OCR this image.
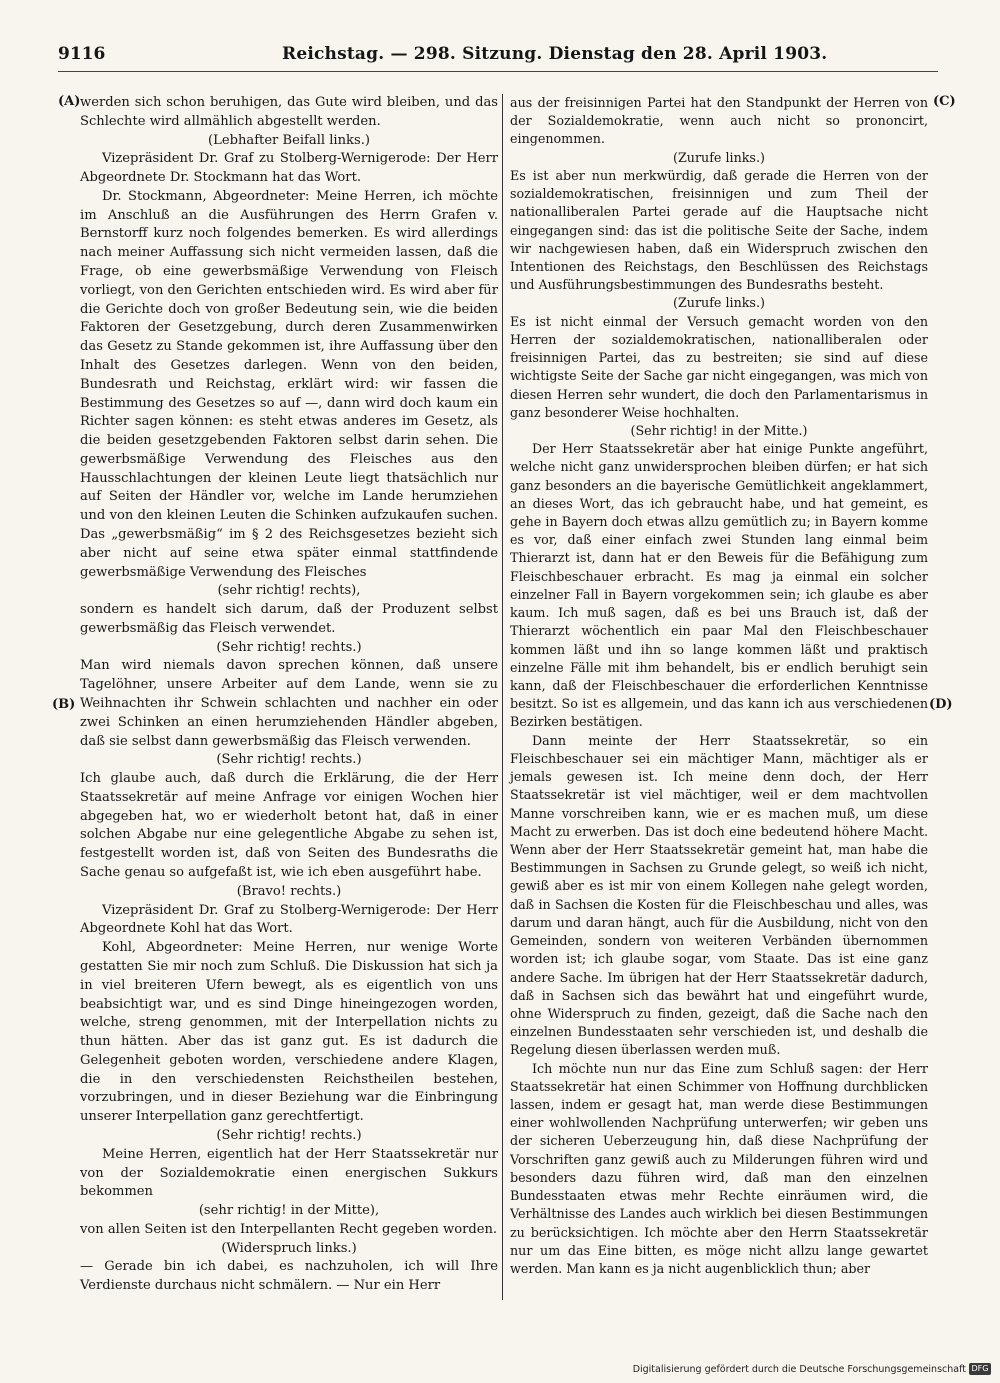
9116	Reichstag. — 298. Sitzung. Dienstag den 28. April 1903.
(A)
(B)
(C)
(D)

werden sich schon beruhigen, das Gute wird bleiben, und das Schlechte wird allmählich abgestellt werden.

(Lebhafter Beifall links.)

Vizepräsident Dr. Graf zu Stolberg-Wernigerode: Der Herr Abgeordnete Dr. Stockmann hat das Wort.

Dr. Stockmann, Abgeordneter: Meine Herren, ich möchte im Anschluß an die Ausführungen des Herrn Grafen v. Bernstorff kurz noch folgendes bemerken. Es wird allerdings nach meiner Auffassung sich nicht vermeiden lassen, daß die Frage, ob eine gewerbsmäßige Verwendung von Fleisch vorliegt, von den Gerichten entschieden wird. Es wird aber für die Gerichte doch von großer Bedeutung sein, wie die beiden Faktoren der Gesetzgebung, durch deren Zusammenwirken das Gesetz zu Stande gekommen ist, ihre Auffassung über den Inhalt des Gesetzes darlegen. Wenn von den beiden, Bundesrath und Reichstag, erklärt wird: wir fassen die Bestimmung des Gesetzes so auf —, dann wird doch kaum ein Richter sagen können: es steht etwas anderes im Gesetz, als die beiden gesetzgebenden Faktoren selbst darin sehen. Die gewerbsmäßige Verwendung des Fleisches aus den Hausschlachtungen der kleinen Leute liegt thatsächlich nur auf Seiten der Händler vor, welche im Lande herumziehen und von den kleinen Leuten die Schinken aufzukaufen suchen. Das „gewerbsmäßig“ im § 2 des Reichsgesetzes bezieht sich aber nicht auf seine etwa später einmal stattfindende gewerbsmäßige Verwendung des Fleisches

(sehr richtig! rechts),

sondern es handelt sich darum, daß der Produzent selbst gewerbsmäßig das Fleisch verwendet.

(Sehr richtig! rechts.)

Man wird niemals davon sprechen können, daß unsere Tagelöhner, unsere Arbeiter auf dem Lande, wenn sie zu Weihnachten ihr Schwein schlachten und nachher ein oder zwei Schinken an einen herumziehenden Händler abgeben, daß sie selbst dann gewerbsmäßig das Fleisch verwenden.

(Sehr richtig! rechts.)

Ich glaube auch, daß durch die Erklärung, die der Herr Staatssekretär auf meine Anfrage vor einigen Wochen hier abgegeben hat, wo er wiederholt betont hat, daß in einer solchen Abgabe nur eine gelegentliche Abgabe zu sehen ist, festgestellt worden ist, daß von Seiten des Bundesraths die Sache genau so aufgefaßt ist, wie ich eben ausgeführt habe.

(Bravo! rechts.)

Vizepräsident Dr. Graf zu Stolberg-Wernigerode: Der Herr Abgeordnete Kohl hat das Wort.

Kohl, Abgeordneter: Meine Herren, nur wenige Worte gestatten Sie mir noch zum Schluß. Die Diskussion hat sich ja in viel breiteren Ufern bewegt, als es eigentlich von uns beabsichtigt war, und es sind Dinge hineingezogen worden, welche, streng genommen, mit der Interpellation nichts zu thun hätten. Aber das ist ganz gut. Es ist dadurch die Gelegenheit geboten worden, verschiedene andere Klagen, die in den verschiedensten Reichstheilen bestehen, vorzubringen, und in dieser Beziehung war die Einbringung unserer Interpellation ganz gerechtfertigt.

(Sehr richtig! rechts.)

Meine Herren, eigentlich hat der Herr Staatssekretär nur von der Sozialdemokratie einen energischen Sukkurs bekommen

(sehr richtig! in der Mitte),

von allen Seiten ist den Interpellanten Recht gegeben worden.

(Widerspruch links.)

— Gerade bin ich dabei, es nachzuholen, ich will Ihre Verdienste durchaus nicht schmälern. — Nur ein Herr

aus der freisinnigen Partei hat den Standpunkt der Herren von der Sozialdemokratie, wenn auch nicht so prononcirt, eingenommen.

(Zurufe links.)

Es ist aber nun merkwürdig, daß gerade die Herren von der sozialdemokratischen, freisinnigen und zum Theil der nationalliberalen Partei gerade auf die Hauptsache nicht eingegangen sind: das ist die politische Seite der Sache, indem wir nachgewiesen haben, daß ein Widerspruch zwischen den Intentionen des Reichstags, den Beschlüssen des Reichstags und Ausführungsbestimmungen des Bundesraths besteht.

(Zurufe links.)

Es ist nicht einmal der Versuch gemacht worden von den Herren der sozialdemokratischen, nationalliberalen oder freisinnigen Partei, das zu bestreiten; sie sind auf diese wichtigste Seite der Sache gar nicht eingegangen, was mich von diesen Herren sehr wundert, die doch den Parlamentarismus in ganz besonderer Weise hochhalten.

(Sehr richtig! in der Mitte.)

Der Herr Staatssekretär aber hat einige Punkte angeführt, welche nicht ganz unwidersprochen bleiben dürfen; er hat sich ganz besonders an die bayerische Gemütlichkeit angeklammert, an dieses Wort, das ich gebraucht habe, und hat gemeint, es gehe in Bayern doch etwas allzu gemütlich zu; in Bayern komme es vor, daß einer einfach zwei Stunden lang einmal beim Thierarzt ist, dann hat er den Beweis für die Befähigung zum Fleischbeschauer erbracht. Es mag ja einmal ein solcher einzelner Fall in Bayern vorgekommen sein; ich glaube es aber kaum. Ich muß sagen, daß es bei uns Brauch ist, daß der Thierarzt wöchentlich ein paar Mal den Fleischbeschauer kommen läßt und ihn so lange kommen läßt und praktisch einzelne Fälle mit ihm behandelt, bis er endlich beruhigt sein kann, daß der Fleischbeschauer die erforderlichen Kenntnisse besitzt. So ist es allgemein, und das kann ich aus verschiedenen Bezirken bestätigen.

Dann meinte der Herr Staatssekretär, so ein Fleischbeschauer sei ein mächtiger Mann, mächtiger als er jemals gewesen ist. Ich meine denn doch, der Herr Staatssekretär ist viel mächtiger, weil er dem machtvollen Manne vorschreiben kann, wie er es machen muß, um diese Macht zu erwerben. Das ist doch eine bedeutend höhere Macht. Wenn aber der Herr Staatssekretär gemeint hat, man habe die Bestimmungen in Sachsen zu Grunde gelegt, so weiß ich nicht, gewiß aber es ist mir von einem Kollegen nahe gelegt worden, daß in Sachsen die Kosten für die Fleischbeschau und alles, was darum und daran hängt, auch für die Ausbildung, nicht von den Gemeinden, sondern von weiteren Verbänden übernommen worden ist; ich glaube sogar, vom Staate. Das ist eine ganz andere Sache. Im übrigen hat der Herr Staatssekretär dadurch, daß in Sachsen sich das bewährt hat und eingeführt wurde, ohne Widerspruch zu finden, gezeigt, daß die Sache nach den einzelnen Bundesstaaten sehr verschieden ist, und deshalb die Regelung diesen überlassen werden muß.

Ich möchte nun nur das Eine zum Schluß sagen: der Herr Staatssekretär hat einen Schimmer von Hoffnung durchblicken lassen, indem er gesagt hat, man werde diese Bestimmungen einer wohlwollenden Nachprüfung unterwerfen; wir geben uns der sicheren Ueberzeugung hin, daß diese Nachprüfung der Vorschriften ganz gewiß auch zu Milderungen führen wird und besonders dazu führen wird, daß man den einzelnen Bundesstaaten etwas mehr Rechte einräumen wird, die Verhältnisse des Landes auch wirklich bei diesen Bestimmungen zu berücksichtigen. Ich möchte aber den Herrn Staatssekretär nur um das Eine bitten, es möge nicht allzu lange gewartet werden. Man kann es ja nicht augenblicklich thun; aber

Digitalisierung gefördert durch die Deutsche Forschungsgemeinschaft DFG
